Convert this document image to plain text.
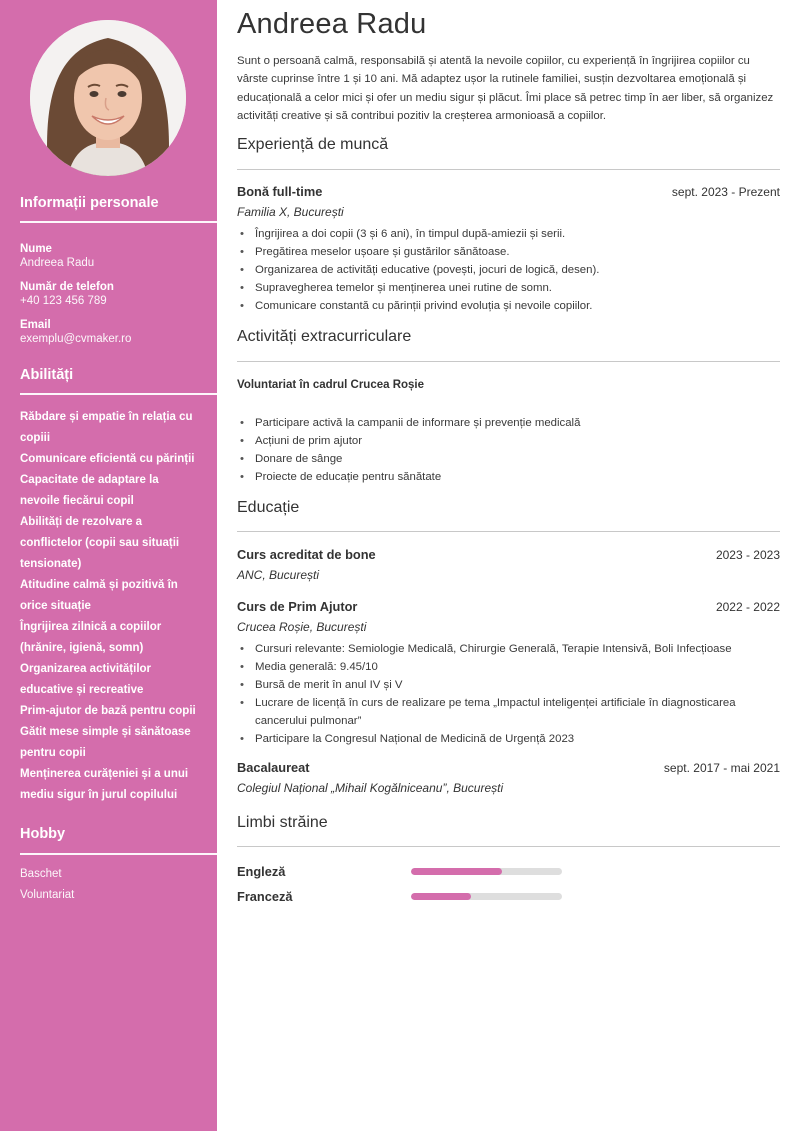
Informații personale
Nume
Andreea Radu
Număr de telefon
+40 123 456 789
Email
exemplu@cvmaker.ro
Abilități
Răbdare și empatie în relația cu copiii
Comunicare eficientă cu părinții
Capacitate de adaptare la nevoile fiecărui copil
Abilități de rezolvare a conflictelor (copii sau situații tensionate)
Atitudine calmă și pozitivă în orice situație
Îngrijirea zilnică a copiilor (hrănire, igienă, somn)
Organizarea activităților educative și recreative
Prim-ajutor de bază pentru copii
Gătit mese simple și sănătoase pentru copii
Menținerea curățeniei și a unui mediu sigur în jurul copilului
Hobby
Baschet
Voluntariat
Andreea Radu
Sunt o persoană calmă, responsabilă și atentă la nevoile copiilor, cu experiență în îngrijirea copiilor cu vârste cuprinse între 1 și 10 ani. Mă adaptez ușor la rutinele familiei, susțin dezvoltarea emoțională și educațională a celor mici și ofer un mediu sigur și plăcut. Îmi place să petrec timp în aer liber, să organizez activități creative și să contribui pozitiv la creșterea armonioasă a copiilor.
Experiență de muncă
Bonă full-time	sept. 2023 - Prezent
Familia X, București
• Îngrijirea a doi copii (3 și 6 ani), în timpul după-amiezii și serii.
• Pregătirea meselor ușoare și gustărilor sănătoase.
• Organizarea de activități educative (povești, jocuri de logică, desen).
• Supravegherea temelor și menținerea unei rutine de somn.
• Comunicare constantă cu părinții privind evoluția și nevoile copiilor.
Activități extracurriculare
Voluntariat în cadrul Crucea Roșie
• Participare activă la campanii de informare și prevenție medicală
• Acțiuni de prim ajutor
• Donare de sânge
• Proiecte de educație pentru sănătate
Educație
Curs acreditat de bone	2023 - 2023
ANC, București
Curs de Prim Ajutor	2022 - 2022
Crucea Roșie, București
• Cursuri relevante: Semiologie Medicală, Chirurgie Generală, Terapie Intensivă, Boli Infecțioase
• Media generală: 9.45/10
• Bursă de merit în anul IV și V
• Lucrare de licență în curs de realizare pe tema „Impactul inteligenței artificiale în diagnosticarea cancerului pulmonar”
• Participare la Congresul Național de Medicină de Urgență 2023
Bacalaureat	sept. 2017 - mai 2021
Colegiul Național „Mihail Kogălniceanu”, București
Limbi străine
Engleză
Franceză
